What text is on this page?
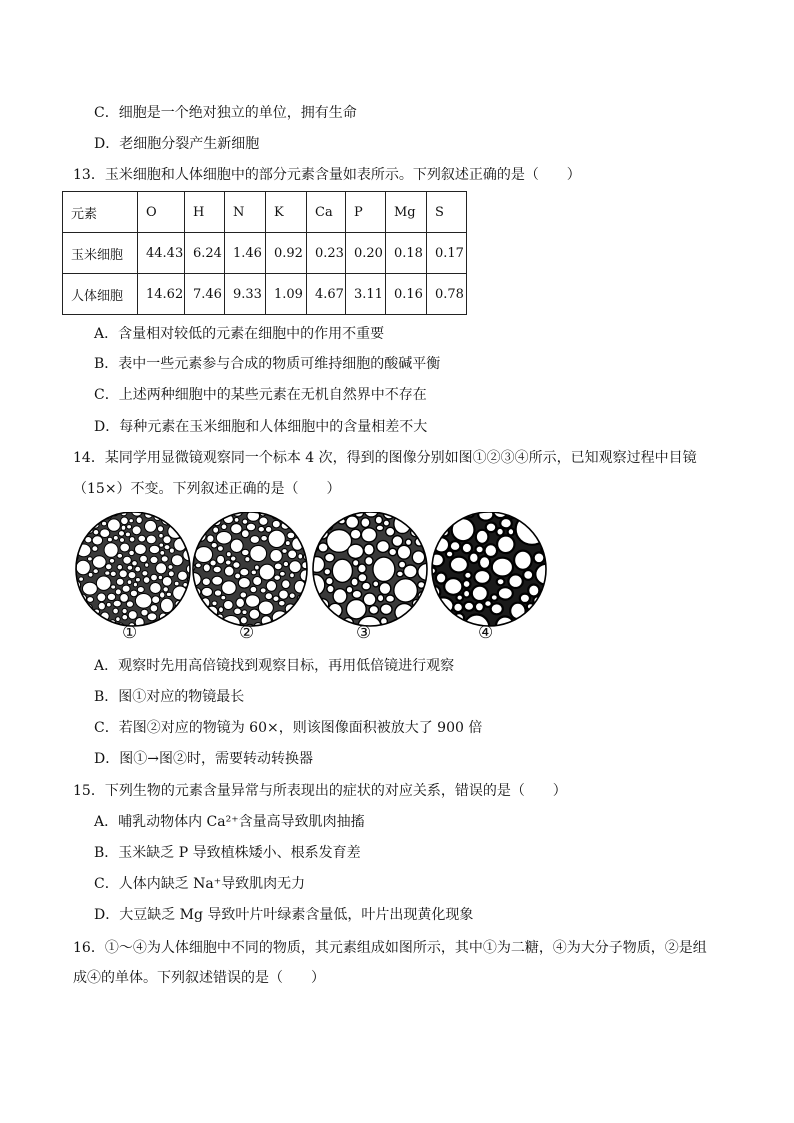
C．细胞是一个绝对独立的单位，拥有生命
D．老细胞分裂产生新细胞
13．玉米细胞和人体细胞中的部分元素含量如表所示。下列叙述正确的是（　　）
元素	O	H	N	K	Ca	P	Mg	S
玉米细胞	44.43	6.24	1.46	0.92	0.23	0.20	0.18	0.17
人体细胞	14.62	7.46	9.33	1.09	4.67	3.11	0.16	0.78
A．含量相对较低的元素在细胞中的作用不重要
B．表中一些元素参与合成的物质可维持细胞的酸碱平衡
C．上述两种细胞中的某些元素在无机自然界中不存在
D．每种元素在玉米细胞和人体细胞中的含量相差不大
14．某同学用显微镜观察同一个标本 4 次，得到的图像分别如图①②③④所示，已知观察过程中目镜
（15×）不变。下列叙述正确的是（　　）
①	②	③	④
A．观察时先用高倍镜找到观察目标，再用低倍镜进行观察
B．图①对应的物镜最长
C．若图②对应的物镜为 60×，则该图像面积被放大了 900 倍
D．图①→图②时，需要转动转换器
15．下列生物的元素含量异常与所表现出的症状的对应关系，错误的是（　　）
A．哺乳动物体内 Ca²⁺含量高导致肌肉抽搐
B．玉米缺乏 P 导致植株矮小、根系发育差
C．人体内缺乏 Na⁺导致肌肉无力
D．大豆缺乏 Mg 导致叶片叶绿素含量低，叶片出现黄化现象
16．①～④为人体细胞中不同的物质，其元素组成如图所示，其中①为二糖，④为大分子物质，②是组
成④的单体。下列叙述错误的是（　　）
